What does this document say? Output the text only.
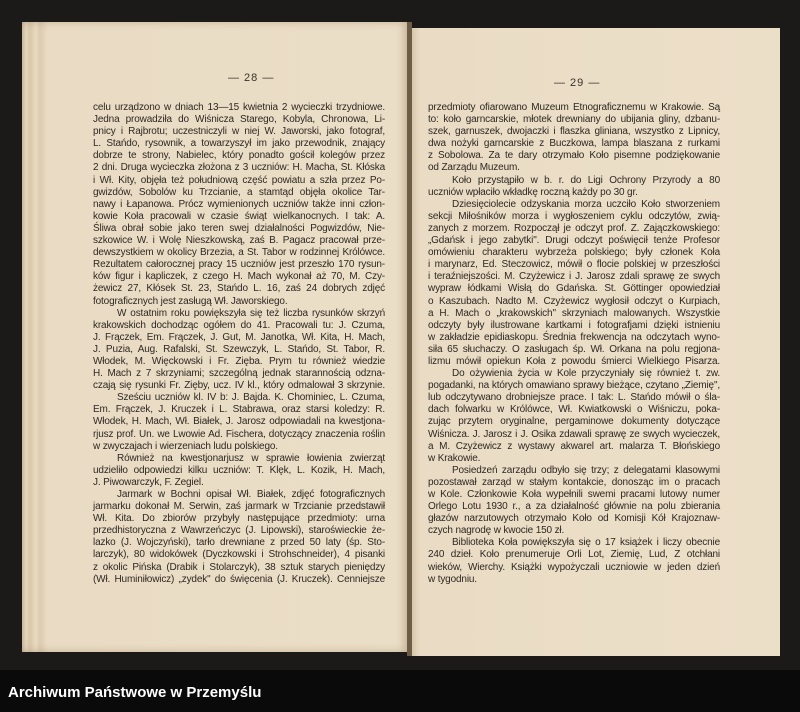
— 28 —	— 29 —
celu urządzono w dniach 13—15 kwietnia 2 wycieczki trzydniowe.
Jedna prowadziła do Wiśnicza Starego, Kobyla, Chronowa, Li-
pnicy i Rajbrotu; uczestniczyli w niej W. Jaworski, jako fotograf,
L. Stańdo, rysownik, a towarzyszył im jako przewodnik, znający
dobrze te strony, Nabielec, który ponadto gościł kolegów przez
2 dni. Druga wycieczka złożona z 3 uczniów: H. Macha, St. Kłóska
i Wł. Kity, objęła też południową część powiatu a szła przez Po-
gwizdów, Sobolów ku Trzcianie, a stamtąd objęła okolice Tar-
nawy i Łapanowa. Prócz wymienionych uczniów także inni człon-
kowie Koła pracowali w czasie świąt wielkanocnych. I tak: A.
Śliwa obrał sobie jako teren swej działalności Pogwizdów, Nie-
szkowice W. i Wolę Nieszkowską, zaś B. Pagacz pracował prze-
dewszystkiem w okolicy Brzezia, a St. Tabor w rodzinnej Królówce.
Rezultatem całorocznej pracy 15 uczniów jest przeszło 170 rysun-
ków figur i kapliczek, z czego H. Mach wykonał aż 70, M. Czy-
żewicz 27, Kłósek St. 23, Stańdo L. 16, zaś 24 dobrych zdjęć
fotograficznych jest zasługą Wł. Jaworskiego.
W ostatnim roku powiększyła się też liczba rysunków skrzyń
krakowskich dochodząc ogółem do 41. Pracowali tu: J. Czuma,
J. Frączek, Em. Frączek, J. Gut, M. Janotka, Wł. Kita, H. Mach,
J. Puzia, Aug. Rafalski, St. Szewczyk, L. Stańdo, St. Tabor, R.
Włodek, M. Więckowski i Fr. Zięba. Prym tu również wiedzie
H. Mach z 7 skrzyniami; szczególną jednak starannością odzna-
czają się rysunki Fr. Zięby, ucz. IV kl., który odmalował 3 skrzynie.
Sześciu uczniów kl. IV b: J. Bajda. K. Chominiec, L. Czuma,
Em. Frączek, J. Kruczek i L. Stabrawa, oraz starsi koledzy: R.
Włodek, H. Mach, Wł. Białek, J. Jarosz odpowiadali na kwestjona-
rjusz prof. Un. we Lwowie Ad. Fischera, dotyczący znaczenia roślin
w zwyczajach i wierzeniach ludu polskiego.
Również na kwestjonarjusz w sprawie łowienia zwierząt
udzieliło odpowiedzi kilku uczniów: T. Klęk, L. Kozik, H. Mach,
J. Piwowarczyk, F. Zegiel.
Jarmark w Bochni opisał Wł. Białek, zdjęć fotograficznych
jarmarku dokonał M. Serwin, zaś jarmark w Trzcianie przedstawił
Wł. Kita. Do zbiorów przybyły następujące przedmioty: urna
przedhistoryczna z Wawrzeńczyc (J. Lipowski), staroświeckie że-
lazko (J. Wojczyński), tarło drewniane z przed 50 laty (śp. Sto-
larczyk), 80 widokówek (Dyczkowski i Strohschneider), 4 pisanki
z okolic Pińska (Drabik i Stolarczyk), 38 sztuk starych pieniędzy
(Wł. Huminiłowicz) „zydek" do święcenia (J. Kruczek). Cenniejsze
przedmioty ofiarowano Muzeum Etnograficznemu w Krakowie. Są
to: koło garncarskie, młotek drewniany do ubijania gliny, dzbanu-
szek, garnuszek, dwojaczki i flaszka gliniana, wszystko z Lipnicy,
dwa nożyki garncarskie z Buczkowa, lampa blaszana z rurkami
z Sobolowa. Za te dary otrzymało Koło pisemne podziękowanie
od Zarządu Muzeum.
Koło przystąpiło w b. r. do Ligi Ochrony Przyrody a 80
uczniów wpłaciło wkładkę roczną każdy po 30 gr.
Dziesięciolecie odzyskania morza uczciło Koło stworzeniem
sekcji Miłośników morza i wygłoszeniem cyklu odczytów, zwią-
zanych z morzem. Rozpoczął je odczyt prof. Z. Zajączkowskiego:
„Gdańsk i jego zabytki". Drugi odczyt poświęcił tenże Profesor
omówieniu charakteru wybrzeża polskiego; były członek Koła
i marynarz, Ed. Steczowicz, mówił o flocie polskiej w przeszłości
i teraźniejszości. M. Czyżewicz i J. Jarosz zdali sprawę ze swych
wypraw łódkami Wisłą do Gdańska. St. Göttinger opowiedział
o Kaszubach. Nadto M. Czyżewicz wygłosił odczyt o Kurpiach,
a H. Mach o „krakowskich" skrzyniach malowanych. Wszystkie
odczyty były ilustrowane kartkami i fotografjami dzięki istnieniu
w zakładzie epidiaskopu. Średnia frekwencja na odczytach wyno-
siła 65 słuchaczy. O zasługach śp. Wł. Orkana na polu regjona-
lizmu mówił opiekun Koła z powodu śmierci Wielkiego Pisarza.
Do ożywienia życia w Kole przyczyniały się również t. zw.
pogadanki, na których omawiano sprawy bieżące, czytano „Ziemię",
lub odczytywano drobniejsze prace. I tak: L. Stańdo mówił o śla-
dach folwarku w Królówce, Wł. Kwiatkowski o Wiśniczu, poka-
zując przytem oryginalne, pergaminowe dokumenty dotyczące
Wiśnicza. J. Jarosz i J. Osika zdawali sprawę ze swych wycieczek,
a M. Czyżewicz z wystawy akwarel art. malarza T. Błońskiego
w Krakowie.
Posiedzeń zarządu odbyło się trzy; z delegatami klasowymi
pozostawał zarząd w stałym kontakcie, donosząc im o pracach
w Kole. Członkowie Koła wypełnili swemi pracami lutowy numer
Orlego Lotu 1930 r., a za działalność głównie na polu zbierania
głazów narzutowych otrzymało Koło od Komisji Kół Krajoznaw-
czych nagrodę w kwocie 150 zł.
Biblioteka Koła powiększyła się o 17 książek i liczy obecnie
240 dzieł. Koło prenumeruje Orli Lot, Ziemię, Lud, Z otchłani
wieków, Wierchy. Książki wypożyczali uczniowie w jeden dzień
w tygodniu.
Archiwum Państwowe w Przemyślu
